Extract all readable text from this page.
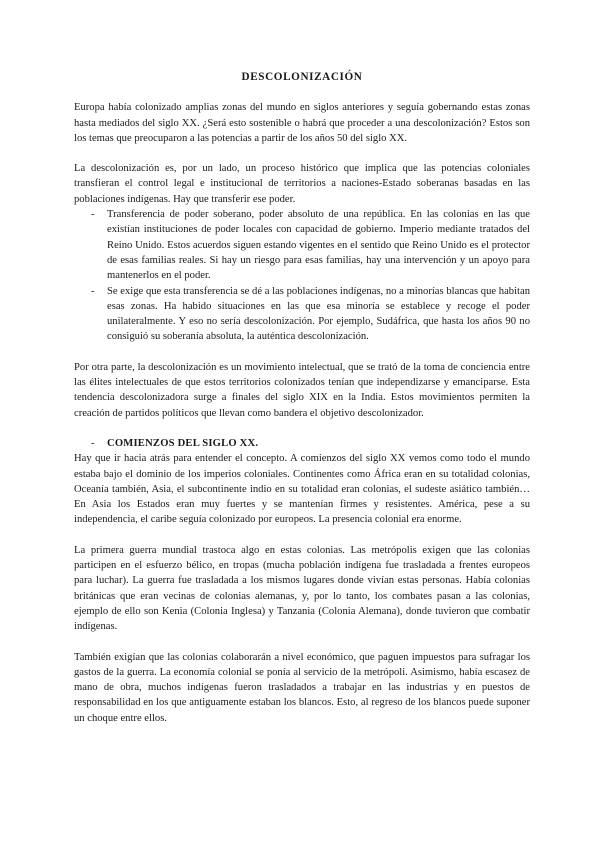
DESCOLONIZACIÓN

Europa había colonizado amplias zonas del mundo en siglos anteriores y seguía gobernando estas zonas hasta mediados del siglo XX. ¿Será esto sostenible o habrá que proceder a una descolonización? Estos son los temas que preocuparon a las potencias a partir de los años 50 del siglo XX.

La descolonización es, por un lado, un proceso histórico que implica que las potencias coloniales transfieran el control legal e institucional de territorios a naciones-Estado soberanas basadas en las poblaciones indígenas. Hay que transferir ese poder.

- Transferencia de poder soberano, poder absoluto de una república. En las colonias en las que existían instituciones de poder locales con capacidad de gobierno. Imperio mediante tratados del Reino Unido. Estos acuerdos siguen estando vigentes en el sentido que Reino Unido es el protector de esas familias reales. Si hay un riesgo para esas familias, hay una intervención y un apoyo para mantenerlos en el poder.
- Se exige que esta transferencia se dé a las poblaciones indígenas, no a minorías blancas que habitan esas zonas. Ha habido situaciones en las que esa minoría se establece y recoge el poder unilateralmente. Y eso no sería descolonización. Por ejemplo, Sudáfrica, que hasta los años 90 no consiguió su soberanía absoluta, la auténtica descolonización.

Por otra parte, la descolonización es un movimiento intelectual, que se trató de la toma de conciencia entre las élites intelectuales de que estos territorios colonizados tenían que independizarse y emanciparse. Esta tendencia descolonizadora surge a finales del siglo XIX en la India. Estos movimientos permiten la creación de partidos políticos que llevan como bandera el objetivo descolonizador.

- COMIENZOS DEL SIGLO XX.

Hay que ir hacia atrás para entender el concepto. A comienzos del siglo XX vemos como todo el mundo estaba bajo el dominio de los imperios coloniales. Continentes como África eran en su totalidad colonias, Oceanía también, Asia, el subcontinente indio en su totalidad eran colonias, el sudeste asiático también… En Asia los Estados eran muy fuertes y se mantenían firmes y resistentes. América, pese a su independencia, el caribe seguía colonizado por europeos. La presencia colonial era enorme.

La primera guerra mundial trastoca algo en estas colonias. Las metrópolis exigen que las colonias participen en el esfuerzo bélico, en tropas (mucha población indígena fue trasladada a frentes europeos para luchar). La guerra fue trasladada a los mismos lugares donde vivían estas personas. Había colonias británicas que eran vecinas de colonias alemanas, y, por lo tanto, los combates pasan a las colonias, ejemplo de ello son Kenia (Colonia Inglesa) y Tanzania (Colonia Alemana), donde tuvieron que combatir indígenas.

También exigían que las colonias colaborarán a nivel económico, que paguen impuestos para sufragar los gastos de la guerra. La economía colonial se ponía al servicio de la metrópoli. Asimismo, había escasez de mano de obra, muchos indígenas fueron trasladados a trabajar en las industrias y en puestos de responsabilidad en los que antiguamente estaban los blancos. Esto, al regreso de los blancos puede suponer un choque entre ellos.
